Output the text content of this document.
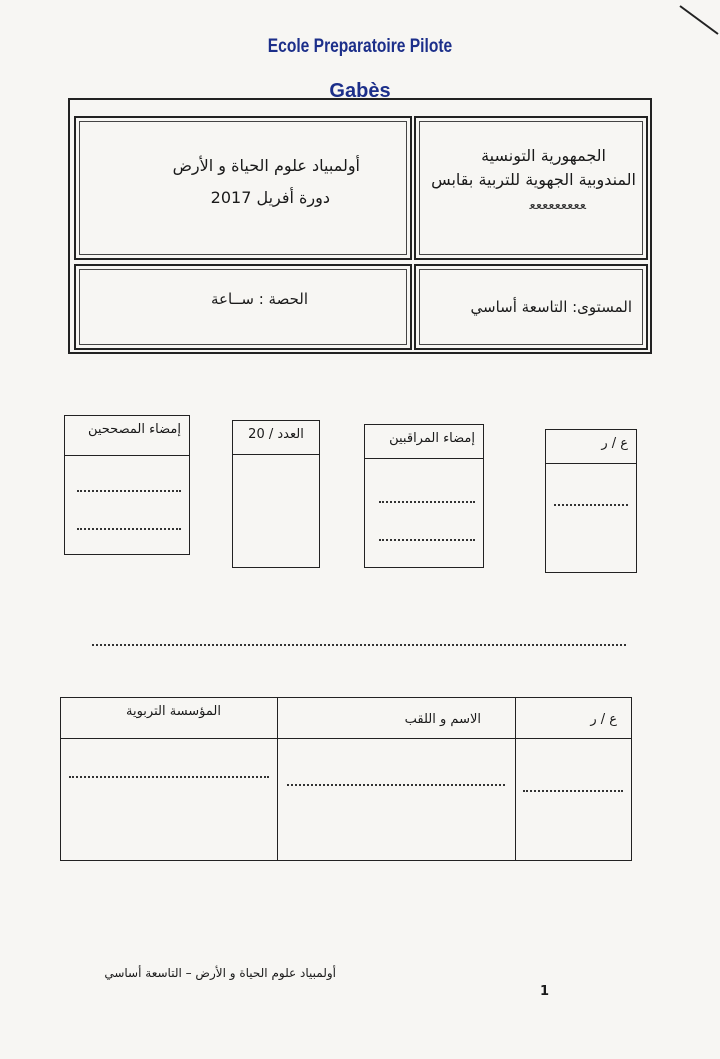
Ecole Preparatoire Pilote
Gabès
الجمهورية التونسية
المندوبية الجهوية للتربية بقابس
ﻌﻌﻌﻌﻌﻌﻌﻌﻌ
أولمبياد علوم الحياة و الأرض
دورة أفريل 2017
المستوى: التاسعة أساسي
الحصة : ســاعة
ع / ر
إمضاء المراقبين
العدد / 20
إمضاء المصححين
ع / ر
الاسم و اللقب
المؤسسة التربوية
أولمبياد علوم الحياة و الأرض – التاسعة أساسي
1
